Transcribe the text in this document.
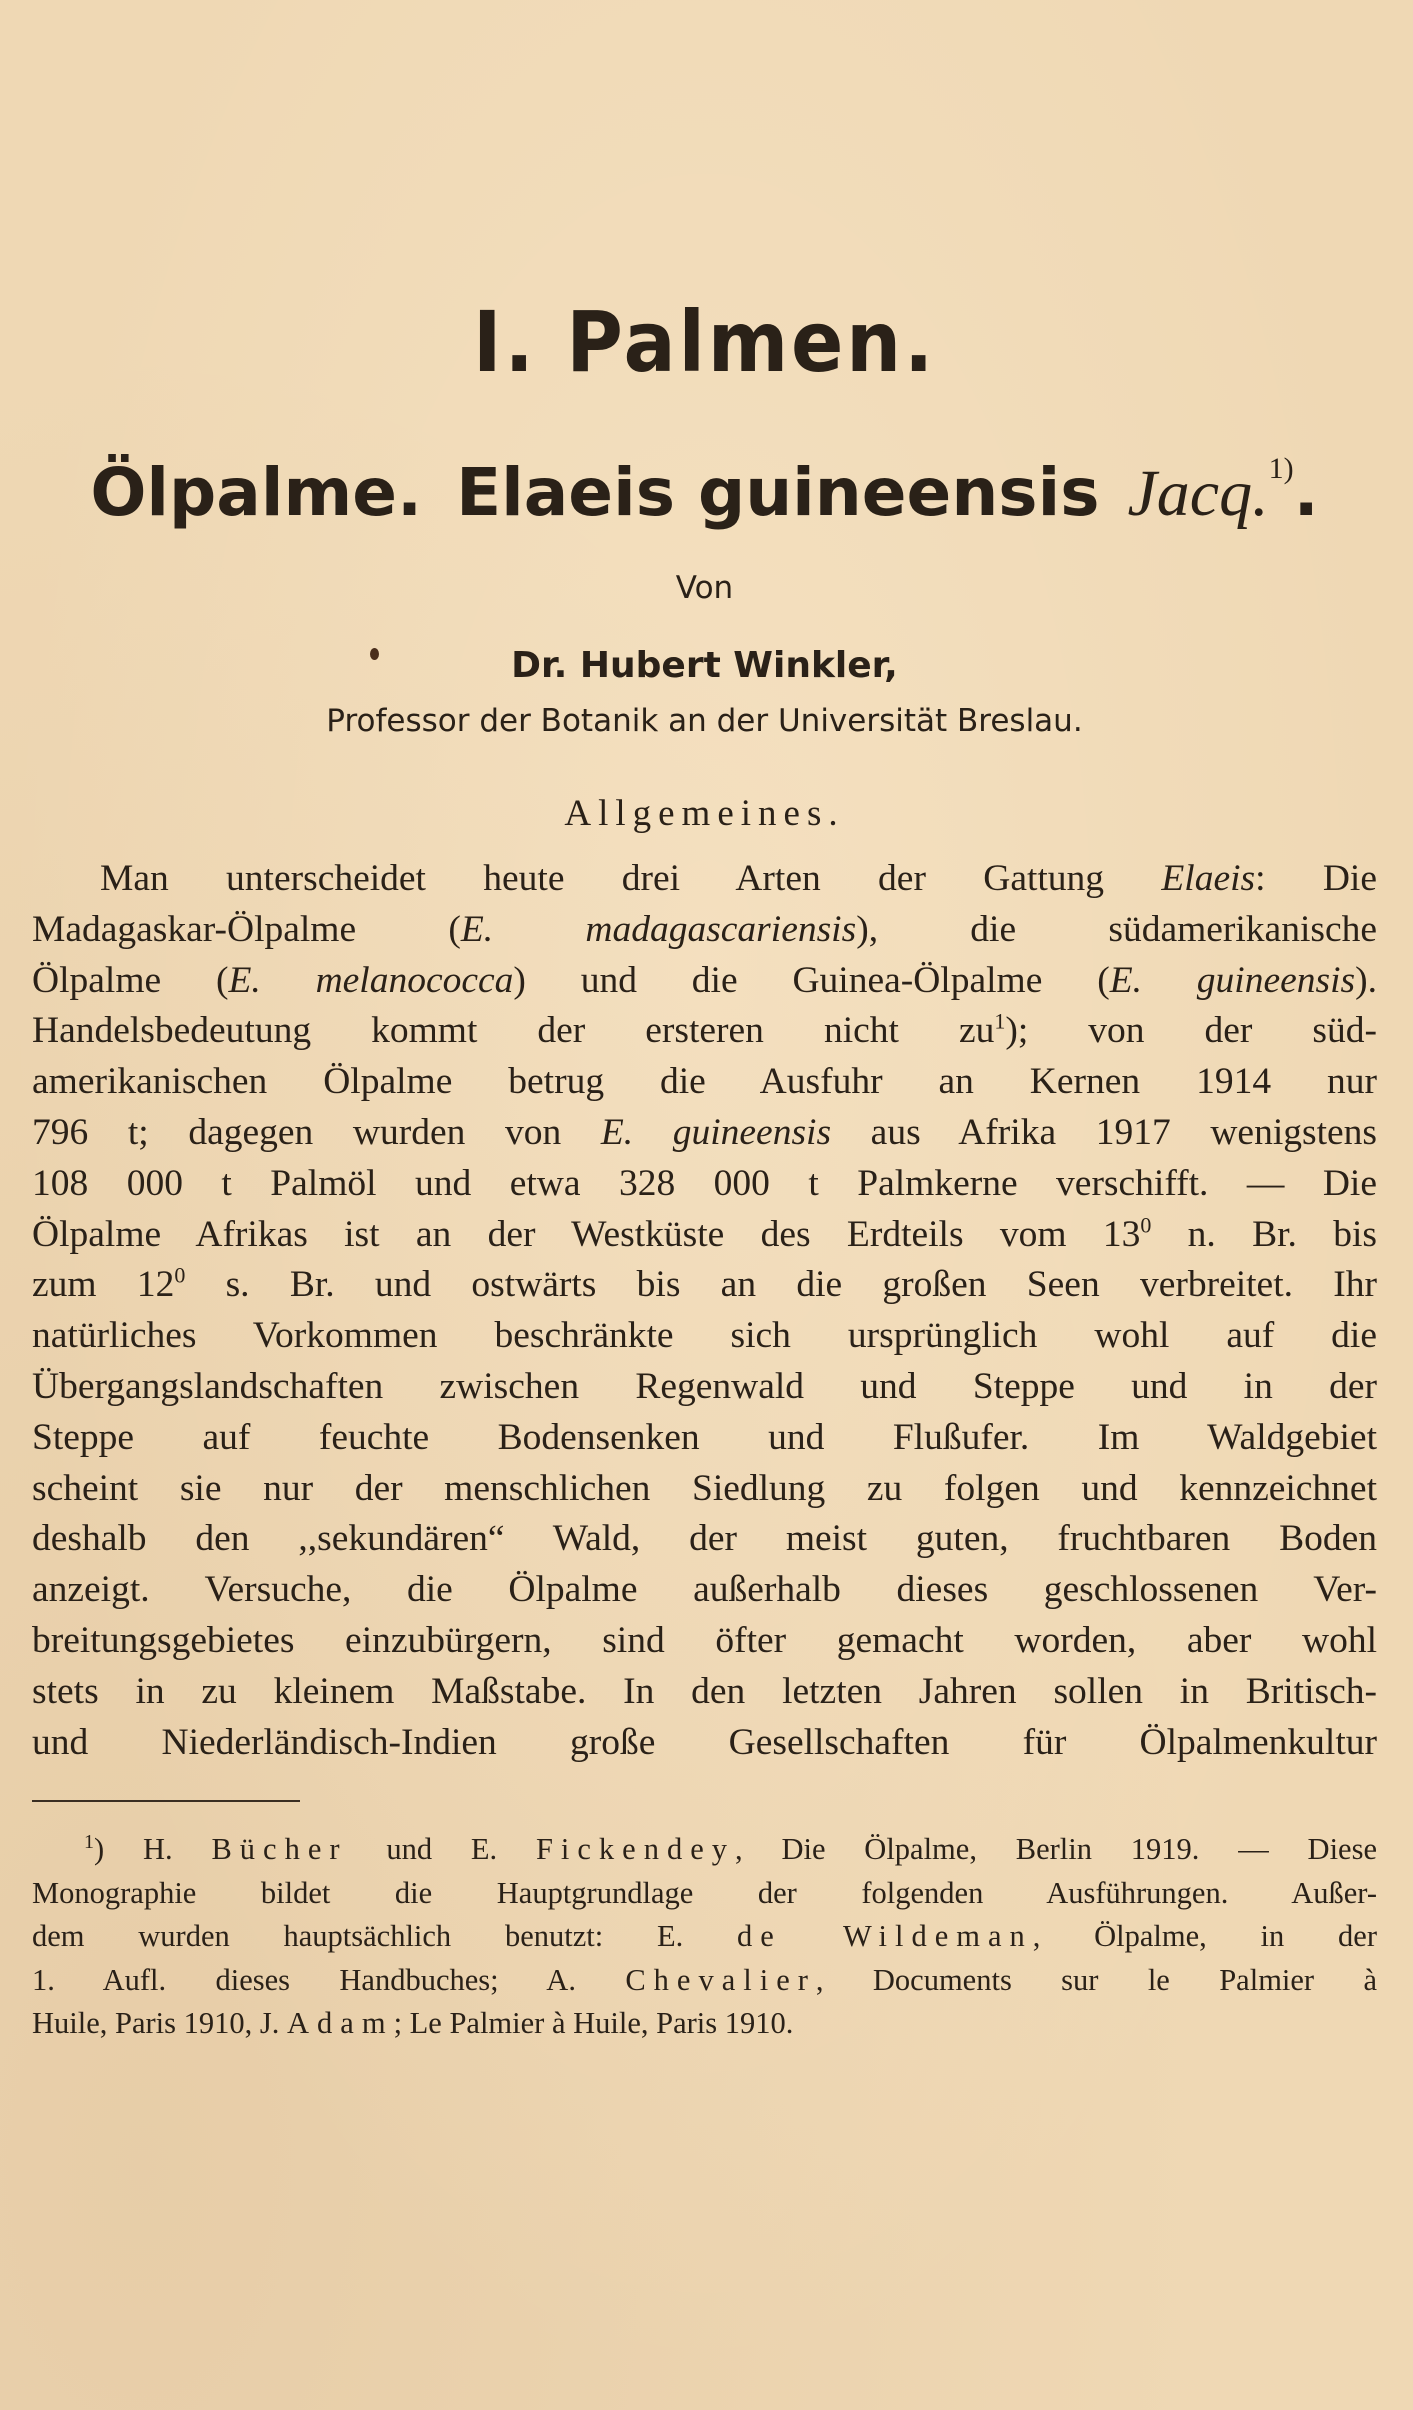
I. Palmen.
Ölpalme. Elaeis guineensis Jacq.$^{1)}$.
Von
Dr. Hubert Winkler,
Professor der Botanik an der Universität Breslau.
Allgemeines.
Man unterscheidet heute drei Arten der Gattung Elaeis: Die
Madagaskar-Ölpalme (E. madagascariensis), die südamerikanische
Ölpalme (E. melanococca) und die Guinea-Ölpalme (E. guineensis).
Handelsbedeutung kommt der ersteren nicht $zu^1$); von der süd-
amerikanischen Ölpalme betrug die Ausfuhr an Kernen 1914 nur
796 t; dagegen wurden von E. guineensis aus Afrika 1917 wenigstens
108 000 t Palmöl und etwa 328 000 t Palmkerne verschifft. — Die
Ölpalme Afrikas ist an der Westküste des Erdteils vom $13^0$ n. Br. bis
zum $12^0$ s. Br. und ostwärts bis an die großen Seen verbreitet. Ihr
natürliches Vorkommen beschränkte sich ursprünglich wohl auf die
Übergangslandschaften zwischen Regenwald und Steppe und in der
Steppe auf feuchte Bodensenken und Flußufer. Im Waldgebiet
scheint sie nur der menschlichen Siedlung zu folgen und kennzeichnet
deshalb den ,,sekundären“ Wald, der meist guten, fruchtbaren Boden
anzeigt. Versuche, die Ölpalme außerhalb dieses geschlossenen Ver-
breitungsgebietes einzubürgern, sind öfter gemacht worden, aber wohl
stets in zu kleinem Maßstabe. In den letzten Jahren sollen in Britisch-
und Niederländisch-Indien große Gesellschaften für Ölpalmenkultur
$^1$) H. Bücher und E. Fickendey, Die Ölpalme, Berlin 1919. — Diese
Monographie bildet die Hauptgrundlage der folgenden Ausführungen. Außer-
dem wurden hauptsächlich benutzt: E. de Wildeman, Ölpalme, in der
1. Aufl. dieses Handbuches; A. Chevalier, Documents sur le Palmier à
Huile, Paris 1910, J. Adam; Le Palmier à Huile, Paris 1910.
